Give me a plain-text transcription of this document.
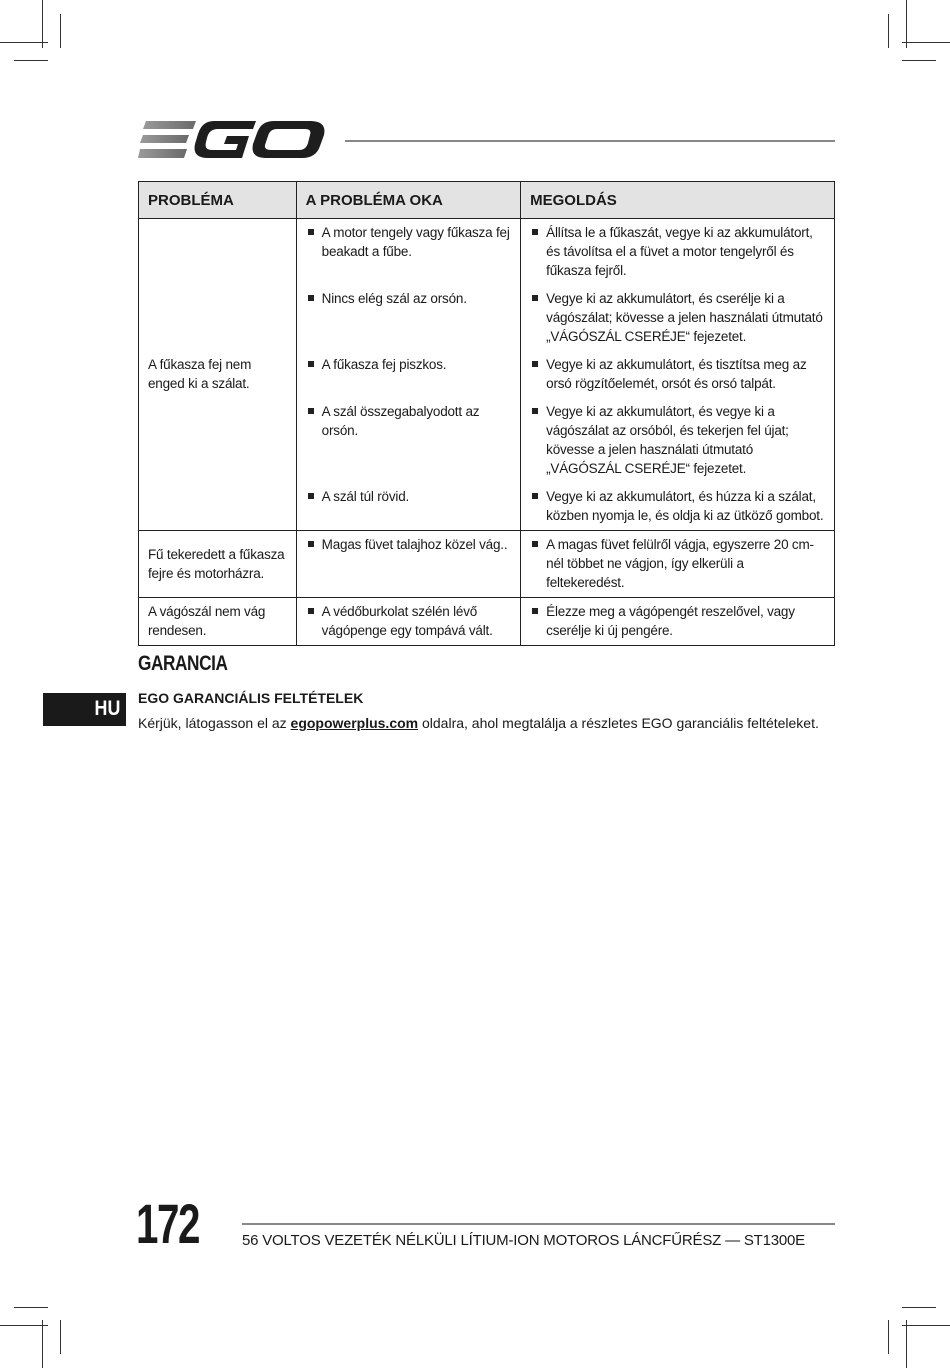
PROBLÉMA	A PROBLÉMA OKA	MEGOLDÁS
A fűkasza fej nem enged ki a szálat.	A motor tengely vagy fűkasza fej beakadt a fűbe.	Állítsa le a fűkaszát, vegye ki az akkumulátort, és távolítsa el a füvet a motor tengelyről és fűkasza fejről.

	Nincs elég szál az orsón.	Vegye ki az akkumulátort, és cserélje ki a vágószálat; kövesse a jelen használati útmutató „VÁGÓSZÁL CSERÉJE“ fejezetet.

	A fűkasza fej piszkos.	Vegye ki az akkumulátort, és tisztítsa meg az orsó rögzítőelemét, orsót és orsó talpát.

	A szál összegabalyodott az orsón.	Vegye ki az akkumulátort, és vegye ki a vágószálat az orsóból, és tekerjen fel újat; kövesse a jelen használati útmutató „VÁGÓSZÁL CSERÉJE“ fejezetet.

	A szál túl rövid.	Vegye ki az akkumulátort, és húzza ki a szálat, közben nyomja le, és oldja ki az ütköző gombot.

Fű tekeredett a fűkasza fejre és motorházra.	Magas füvet talajhoz közel vág..	A magas füvet felülről vágja, egyszerre 20 cm-nél többet ne vágjon, így elkerüli a feltekeredést.

A vágószál nem vág rendesen.	A védőburkolat szélén lévő vágópenge egy tompává vált.	Élezze meg a vágópengét reszelővel, vagy cserélje ki új pengére.
GARANCIA
HU EGO GARANCIÁLIS FELTÉTELEK
Kérjük, látogasson el az egopowerplus.com oldalra, ahol megtalálja a részletes EGO garanciális feltételeket.
172	56 VOLTOS VEZETÉK NÉLKÜLI LÍTIUM-ION MOTOROS LÁNCFŰRÉSZ — ST1300E
